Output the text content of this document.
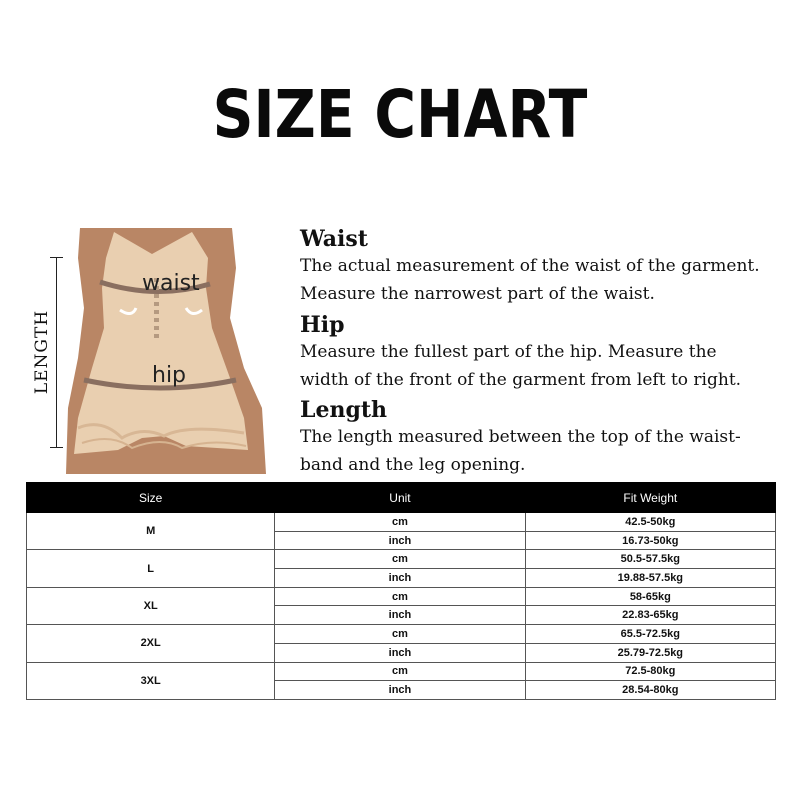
SIZE CHART
waist
hip
LENGTH
Waist
The actual measurement of the waist of the garment.
Measure the narrowest part of the waist.
Hip
Measure the fullest part of the hip. Measure the
width of the front of the garment from left to right.
Length
The length measured between the top of the waist-
band and the leg opening.
Size	Unit	Fit Weight
M	cm	42.5-50kg
	inch	16.73-50kg
L	cm	50.5-57.5kg
	inch	19.88-57.5kg
XL	cm	58-65kg
	inch	22.83-65kg
2XL	cm	65.5-72.5kg
	inch	25.79-72.5kg
3XL	cm	72.5-80kg
	inch	28.54-80kg
